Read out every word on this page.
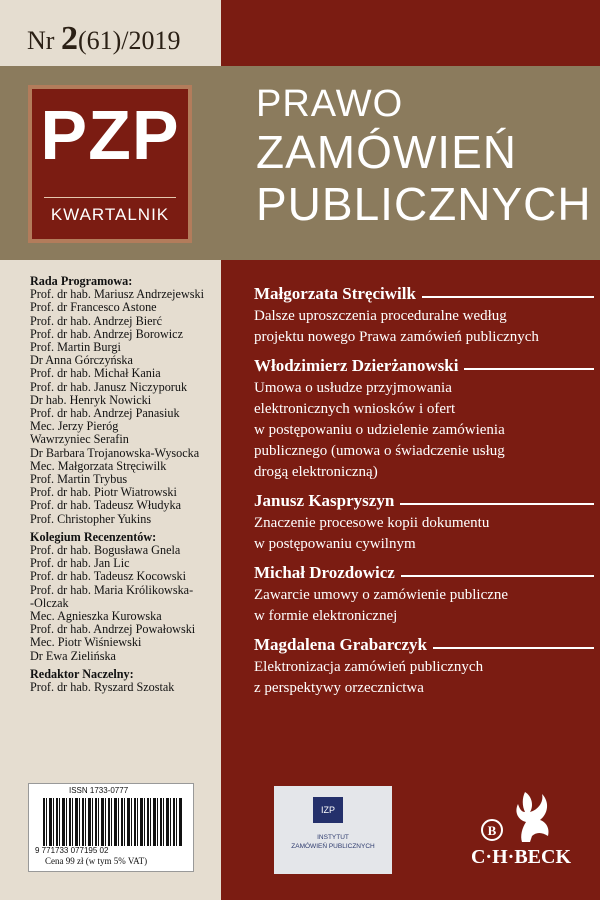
Nr 2(61)/2019
PZP
KWARTALNIK
PRAWO
ZAMÓWIEŃ
PUBLICZNYCH
Rada Programowa:
Prof. dr hab. Mariusz Andrzejewski
Prof. dr Francesco Astone
Prof. dr hab. Andrzej Bierć
Prof. dr hab. Andrzej Borowicz
Prof. Martin Burgi
Dr Anna Górczyńska
Prof. dr hab. Michał Kania
Prof. dr hab. Janusz Niczyporuk
Dr hab. Henryk Nowicki
Prof. dr hab. Andrzej Panasiuk
Mec. Jerzy Pieróg
Wawrzyniec Serafin
Dr Barbara Trojanowska-Wysocka
Mec. Małgorzata Stręciwilk
Prof. Martin Trybus
Prof. dr hab. Piotr Wiatrowski
Prof. dr hab. Tadeusz Włudyka
Prof. Christopher Yukins
Kolegium Recenzentów:
Prof. dr hab. Bogusława Gnela
Prof. dr hab. Jan Lic
Prof. dr hab. Tadeusz Kocowski
Prof. dr hab. Maria Królikowska-
-Olczak
Mec. Agnieszka Kurowska
Prof. dr hab. Andrzej Powałowski
Mec. Piotr Wiśniewski
Dr Ewa Zielińska
Redaktor Naczelny:
Prof. dr hab. Ryszard Szostak
ISSN 1733-0777
9 771733 077195 02
Cena 99 zł (w tym 5% VAT)
Małgorzata Stręciwilk
Dalsze uproszczenia proceduralne według
projektu nowego Prawa zamówień publicznych
Włodzimierz Dzierżanowski
Umowa o usłudze przyjmowania
elektronicznych wniosków i ofert
w postępowaniu o udzielenie zamówienia
publicznego (umowa o świadczenie usług
drogą elektroniczną)
Janusz Kaspryszyn
Znaczenie procesowe kopii dokumentu
w postępowaniu cywilnym
Michał Drozdowicz
Zawarcie umowy o zamówienie publiczne
w formie elektronicznej
Magdalena Grabarczyk
Elektronizacja zamówień publicznych
z perspektywy orzecznictwa
IZP
INSTYTUT
ZAMÓWIEŃ PUBLICZNYCH
B
C·H·BECK
